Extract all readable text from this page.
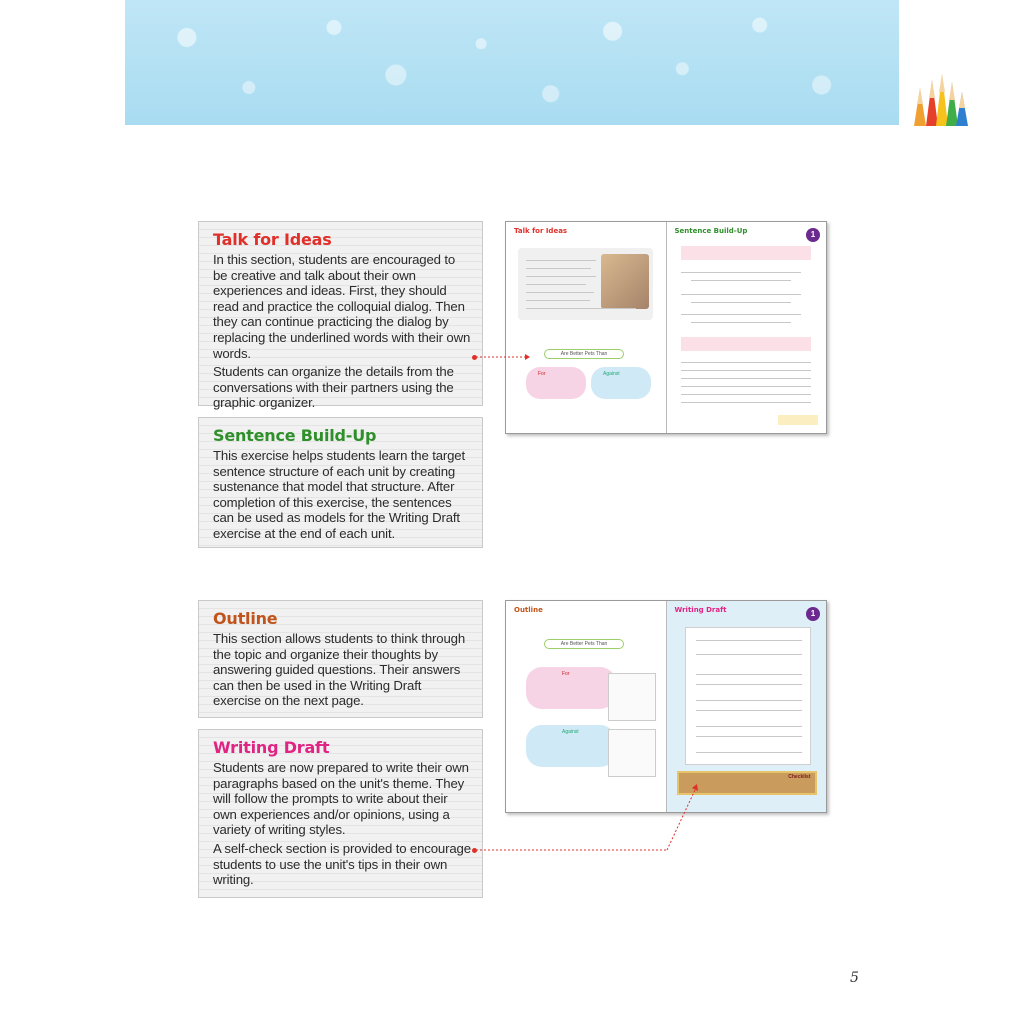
Talk for Ideas

In this section, students are encouraged to be creative and talk about their own experiences and ideas. First, they should read and practice the colloquial dialog. Then they can continue practicing the dialog by replacing the underlined words with their own words.

Students can organize the details from the conversations with their partners using the graphic organizer.

Sentence Build-Up

This exercise helps students learn the target sentence structure of each unit by creating sustenance that model that structure. After completion of this exercise, the sentences can be used as models for the Writing Draft exercise at the end of each unit.

Outline

This section allows students to think through the topic and organize their thoughts by answering guided questions. Their answers can then be used in the Writing Draft exercise on the next page.

Writing Draft

Students are now prepared to write their own paragraphs based on the unit's theme. They will follow the prompts to write about their own experiences and/or opinions, using a variety of writing styles.

A self-check section is provided to encourage students to use the unit's tips in their own writing.

Talk for Ideas
Are Better Pets Than
For	Against
Sentence Build-Up	1
Outline
Are Better Pets Than
For
Against
Writing Draft	1
Checklist
5
